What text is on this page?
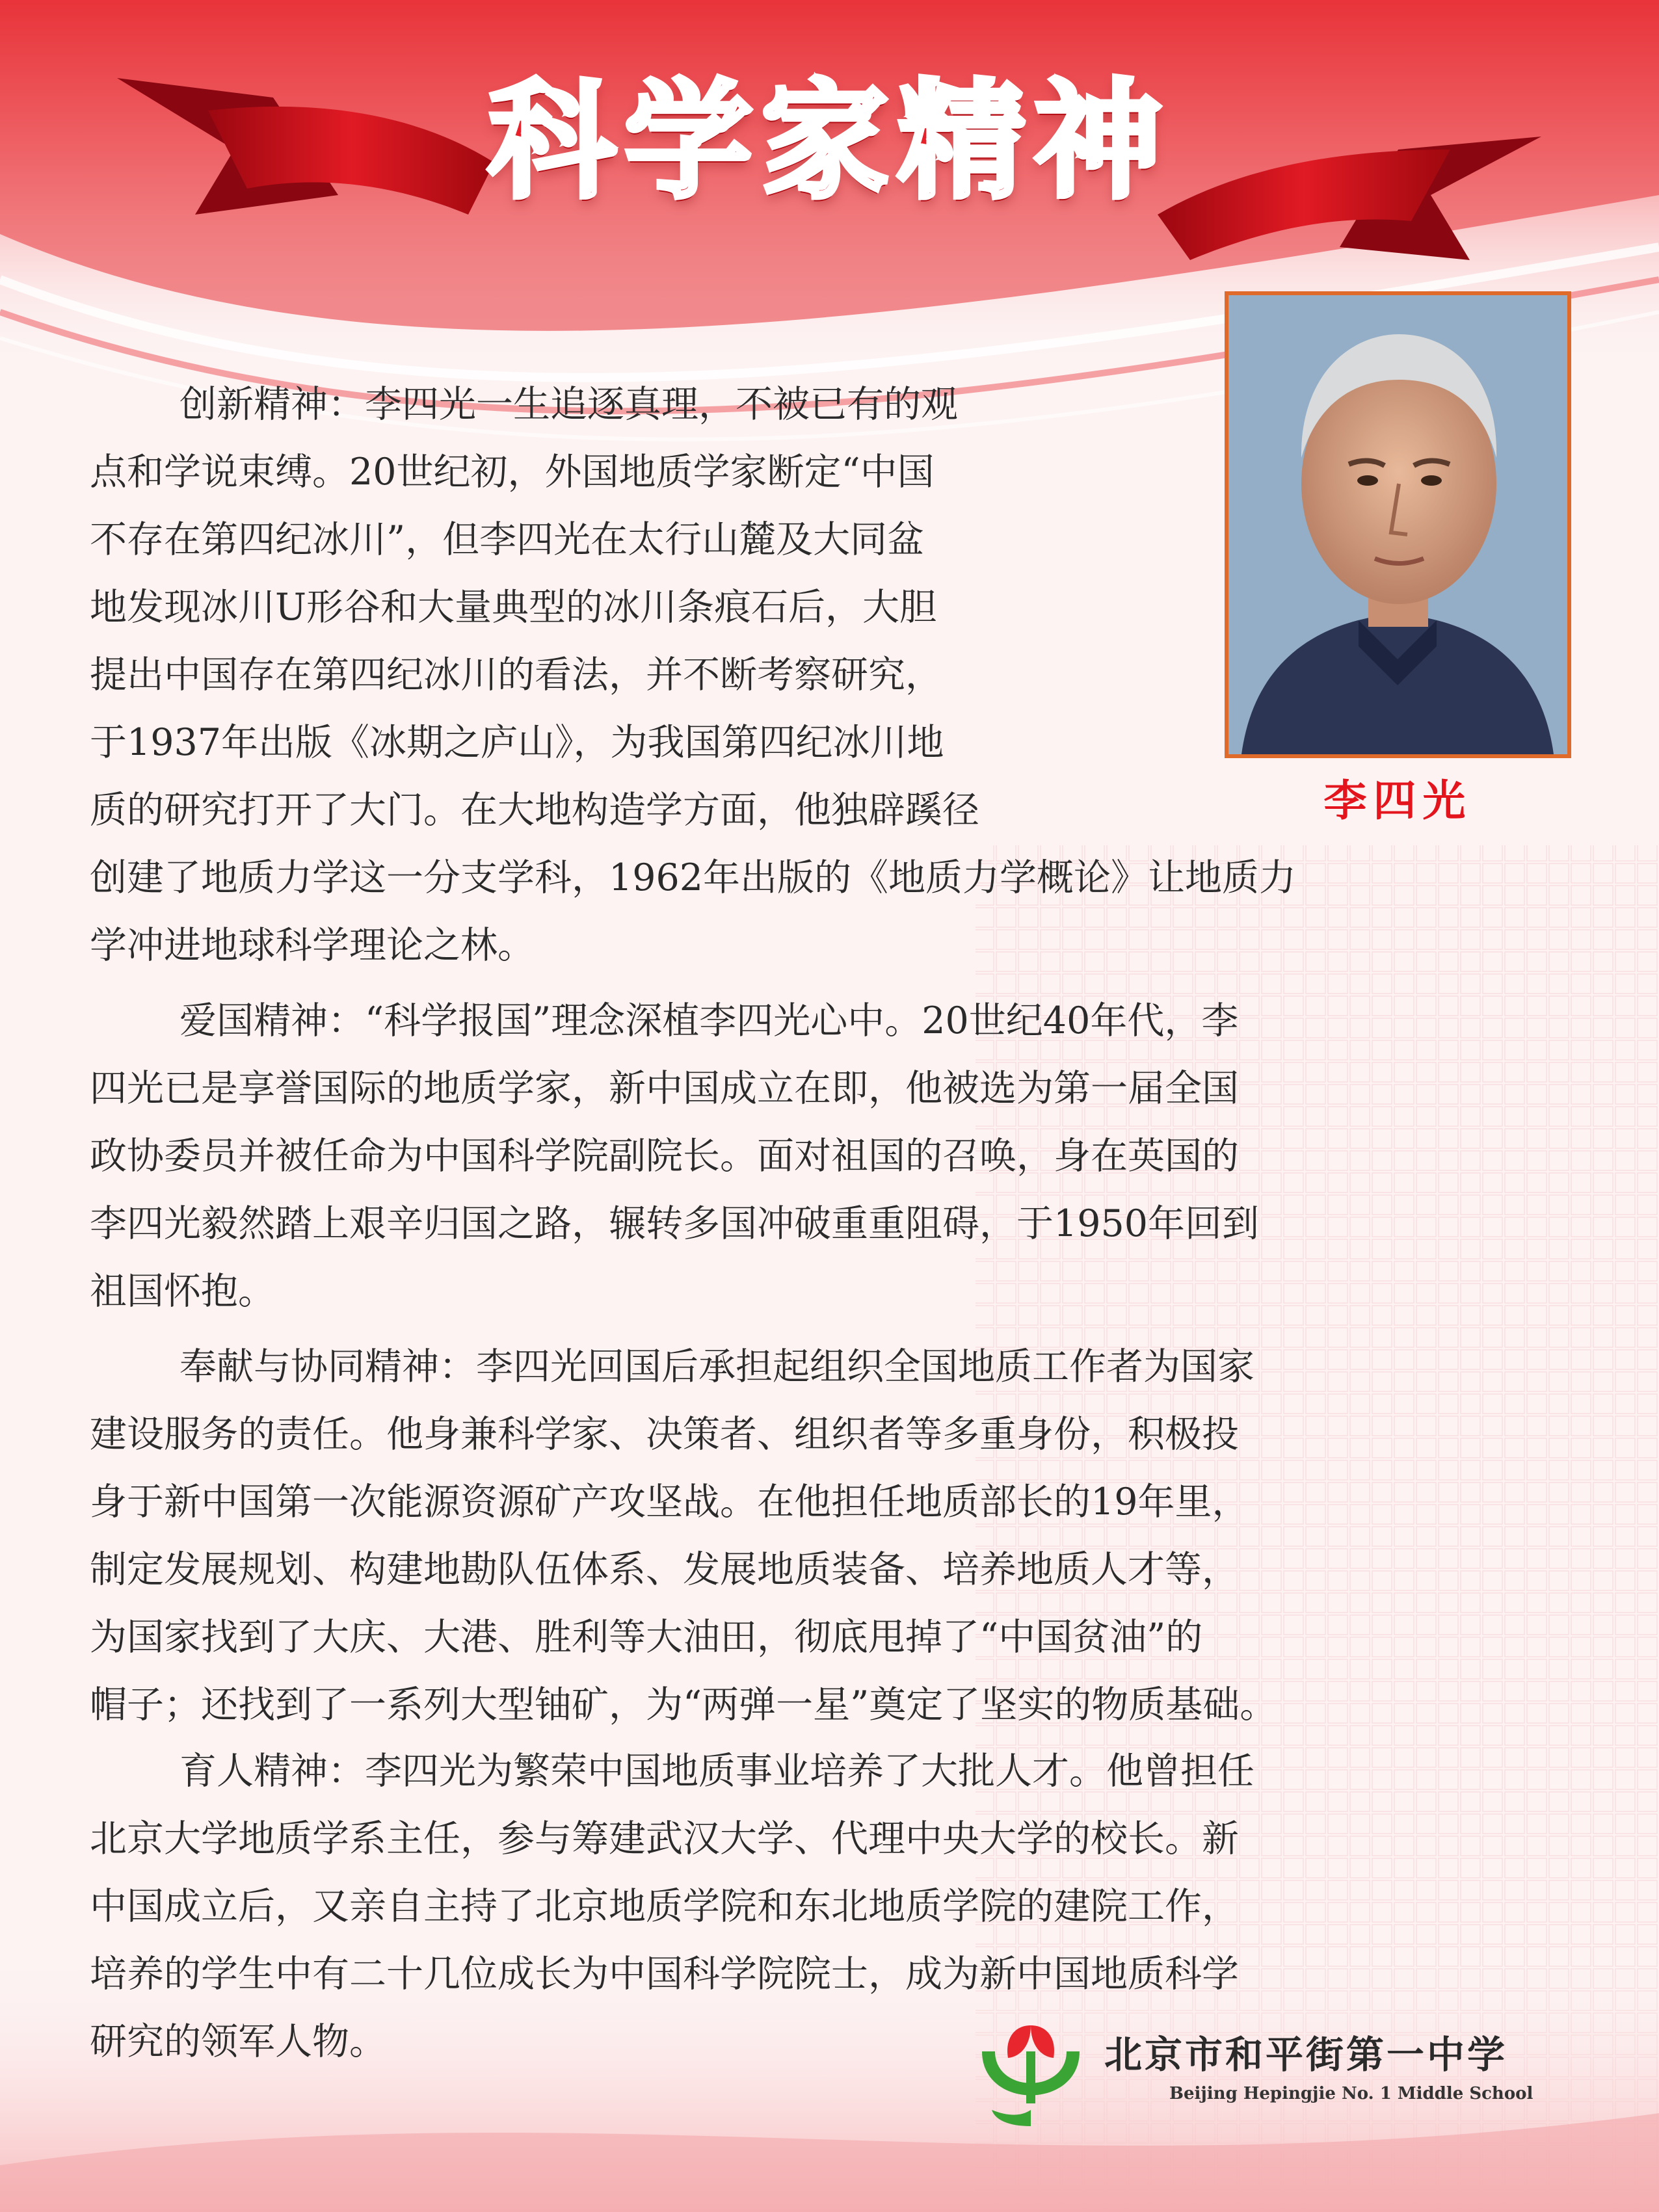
科学家精神
李四光
创新精神：李四光一生追逐真理，不被已有的观
点和学说束缚。20世纪初，外国地质学家断定“中国
不存在第四纪冰川”，但李四光在太行山麓及大同盆
地发现冰川U形谷和大量典型的冰川条痕石后，大胆
提出中国存在第四纪冰川的看法，并不断考察研究，
于1937年出版《冰期之庐山》，为我国第四纪冰川地
质的研究打开了大门。在大地构造学方面，他独辟蹊径
创建了地质力学这一分支学科，1962年出版的《地质力学概论》让地质力
学冲进地球科学理论之林。
爱国精神：“科学报国”理念深植李四光心中。20世纪40年代，李
四光已是享誉国际的地质学家，新中国成立在即，他被选为第一届全国
政协委员并被任命为中国科学院副院长。面对祖国的召唤，身在英国的
李四光毅然踏上艰辛归国之路，辗转多国冲破重重阻碍，于1950年回到
祖国怀抱。
奉献与协同精神：李四光回国后承担起组织全国地质工作者为国家
建设服务的责任。他身兼科学家、决策者、组织者等多重身份，积极投
身于新中国第一次能源资源矿产攻坚战。在他担任地质部长的19年里，
制定发展规划、构建地勘队伍体系、发展地质装备、培养地质人才等，
为国家找到了大庆、大港、胜利等大油田，彻底甩掉了“中国贫油”的
帽子；还找到了一系列大型铀矿，为“两弹一星”奠定了坚实的物质基础。
育人精神：李四光为繁荣中国地质事业培养了大批人才。他曾担任
北京大学地质学系主任，参与筹建武汉大学、代理中央大学的校长。新
中国成立后，又亲自主持了北京地质学院和东北地质学院的建院工作，
培养的学生中有二十几位成长为中国科学院院士，成为新中国地质科学
研究的领军人物。	北京市和平街第一中学
Beijing Hepingjie No. 1 Middle School
